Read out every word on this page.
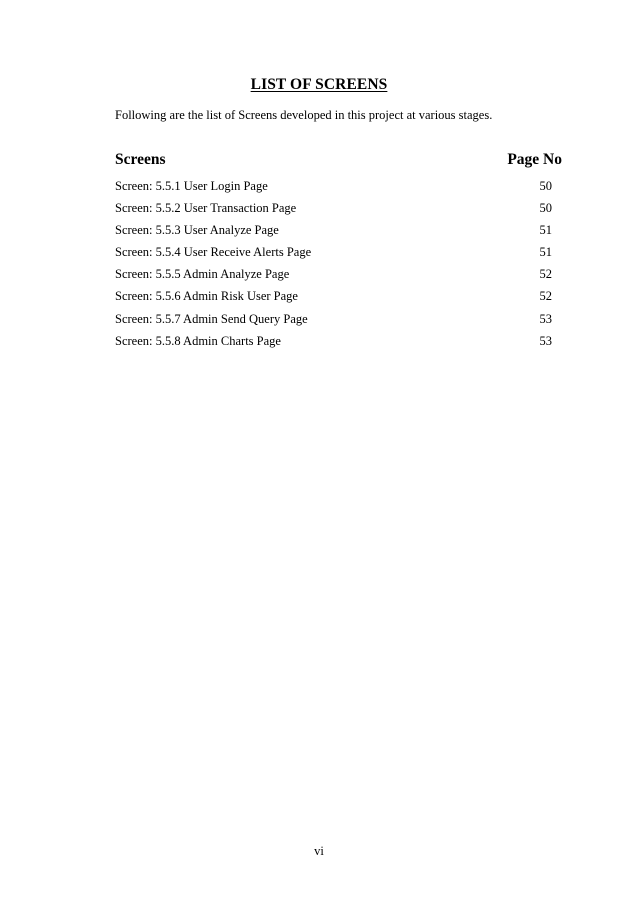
LIST OF SCREENS
Following are the list of Screens developed in this project at various stages.
Screens	Page No
Screen: 5.5.1 User Login Page	50
Screen: 5.5.2 User Transaction Page	50
Screen: 5.5.3 User Analyze Page	51
Screen: 5.5.4 User Receive Alerts Page	51
Screen: 5.5.5 Admin Analyze Page	52
Screen: 5.5.6 Admin Risk User Page	52
Screen: 5.5.7 Admin Send Query Page	53
Screen: 5.5.8 Admin Charts Page	53
vi
